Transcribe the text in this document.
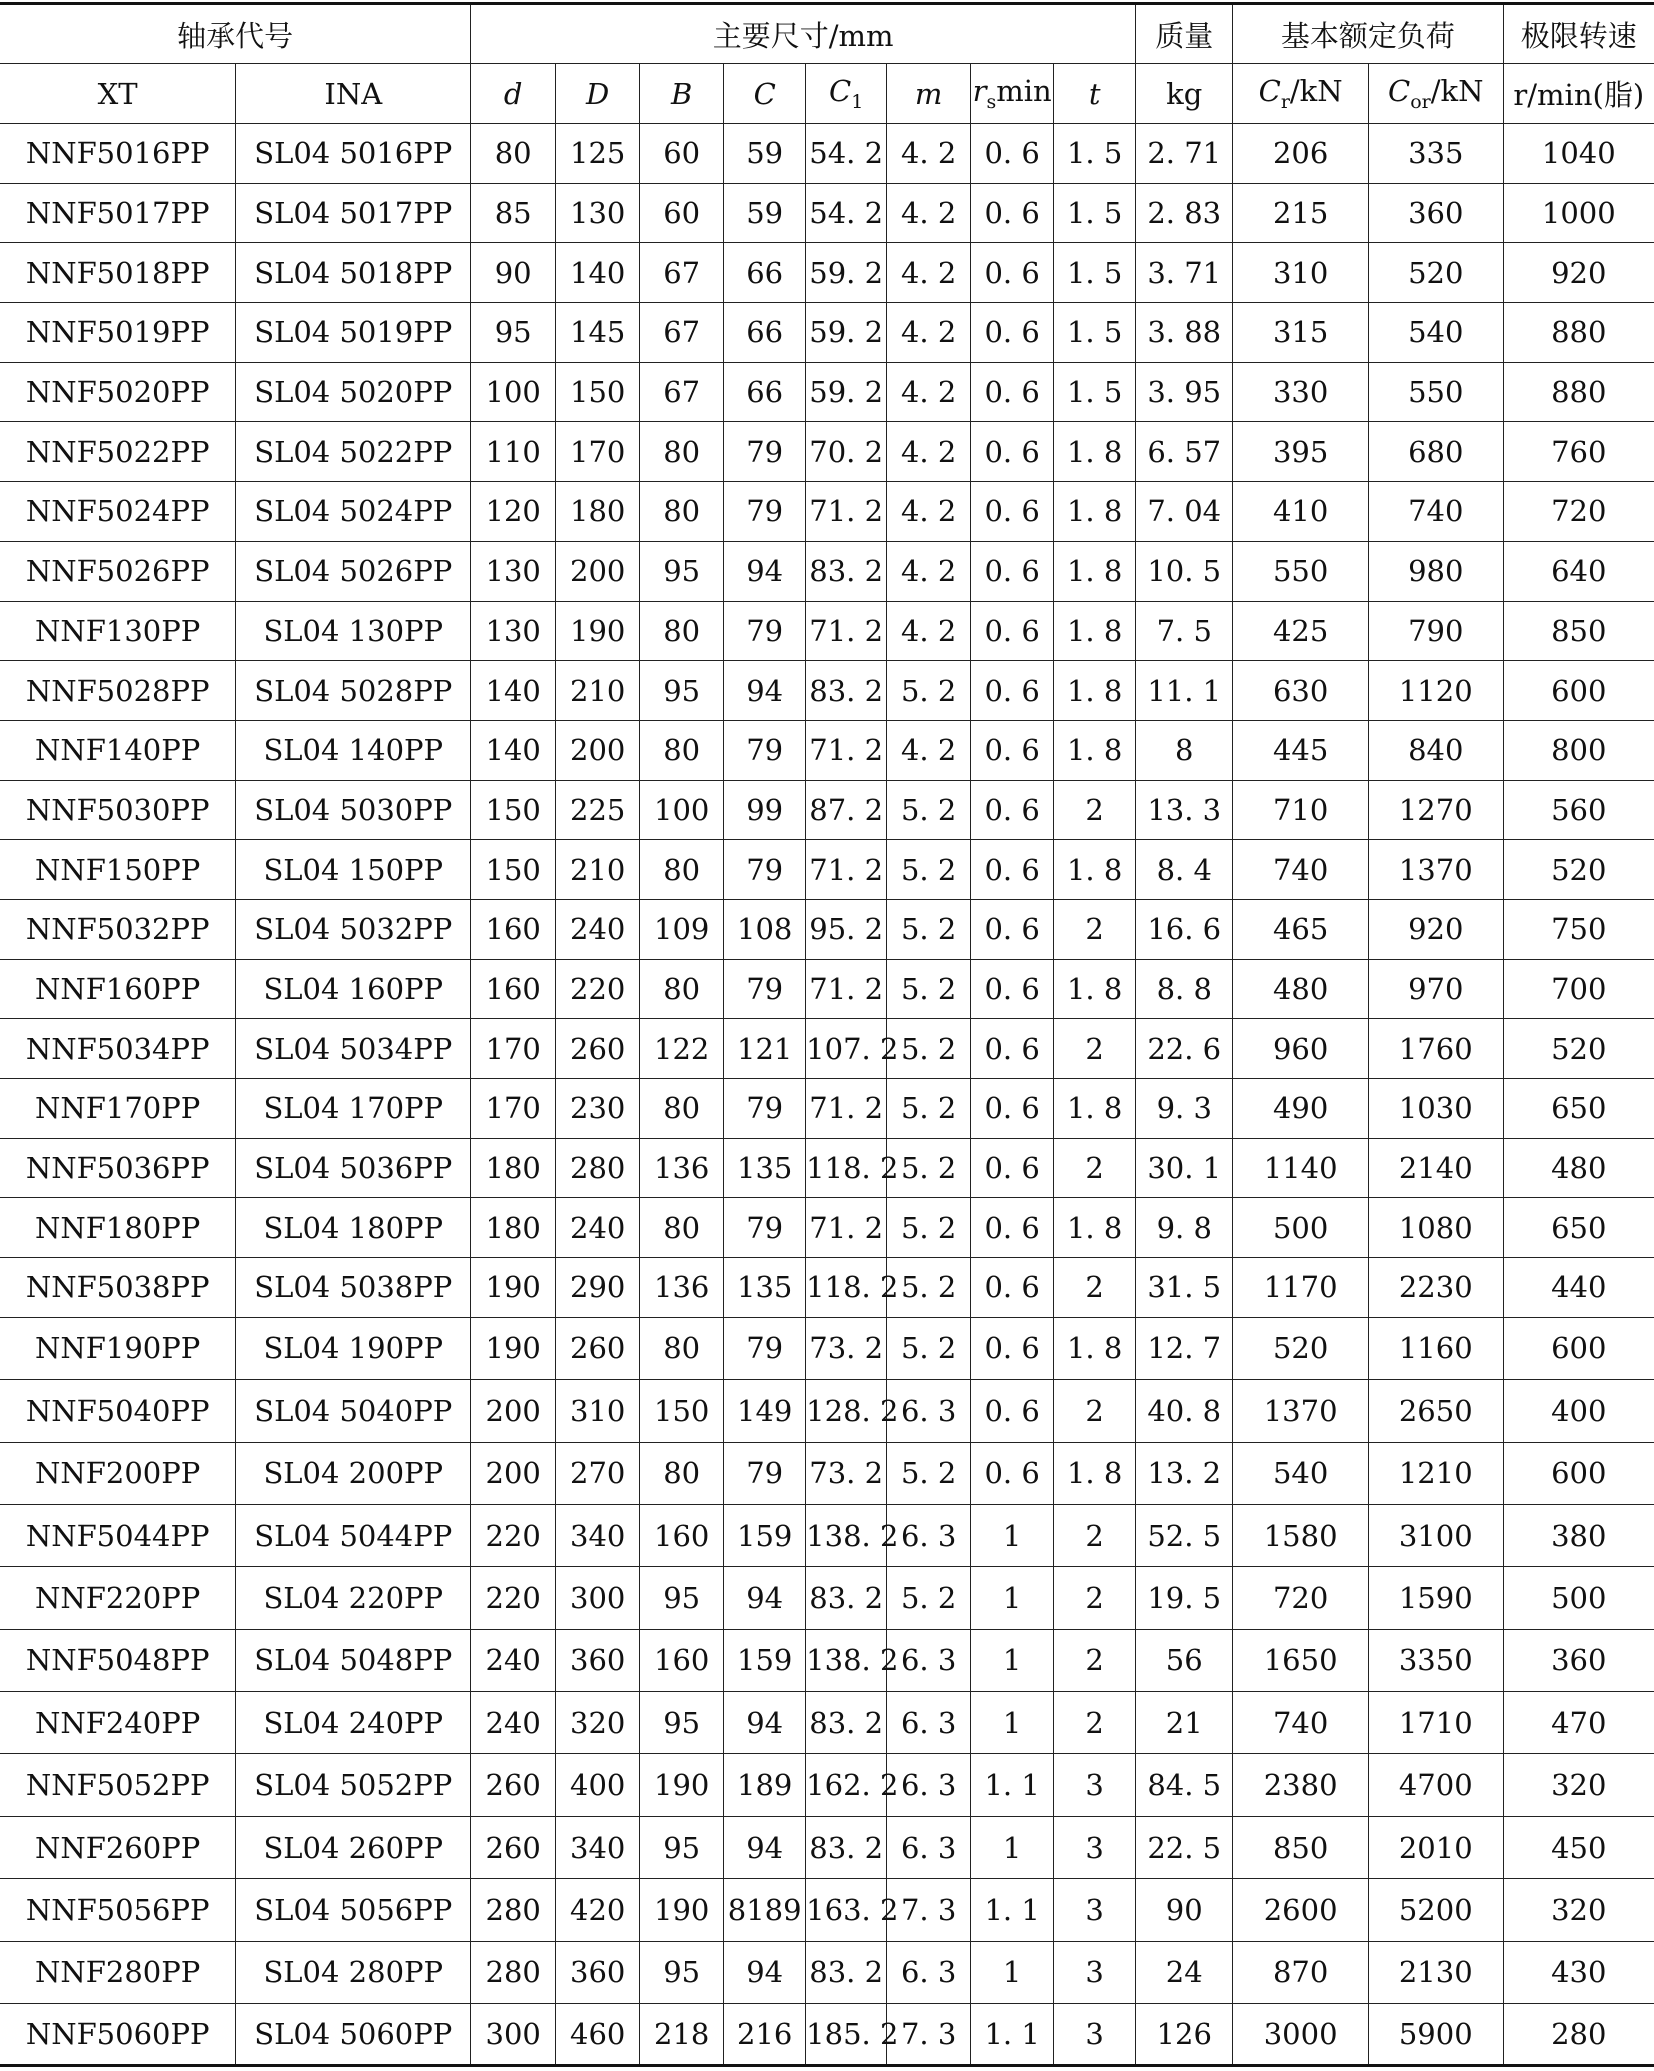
轴承代号		主要尺寸/mm								质量	基本额定负荷		极限转速
XT	INA	d	D	B	C	$C_1$	m	$r_s\min$	t	kg	$C_r/kN$	$C_{or}/kN$	r/min(脂)
NNF5016PP	SL04 5016PP	80	125	60	59	54. 2	4. 2	0. 6	1. 5	2. 71	206	335	1040
NNF5017PP	SL04 5017PP	85	130	60	59	54. 2	4. 2	0. 6	1. 5	2. 83	215	360	1000
NNF5018PP	SL04 5018PP	90	140	67	66	59. 2	4. 2	0. 6	1. 5	3. 71	310	520	920
NNF5019PP	SL04 5019PP	95	145	67	66	59. 2	4. 2	0. 6	1. 5	3. 88	315	540	880
NNF5020PP	SL04 5020PP	100	150	67	66	59. 2	4. 2	0. 6	1. 5	3. 95	330	550	880
NNF5022PP	SL04 5022PP	110	170	80	79	70. 2	4. 2	0. 6	1. 8	6. 57	395	680	760
NNF5024PP	SL04 5024PP	120	180	80	79	71. 2	4. 2	0. 6	1. 8	7. 04	410	740	720
NNF5026PP	SL04 5026PP	130	200	95	94	83. 2	4. 2	0. 6	1. 8	10. 5	550	980	640
NNF130PP	SL04 130PP	130	190	80	79	71. 2	4. 2	0. 6	1. 8	7. 5	425	790	850
NNF5028PP	SL04 5028PP	140	210	95	94	83. 2	5. 2	0. 6	1. 8	11. 1	630	1120	600
NNF140PP	SL04 140PP	140	200	80	79	71. 2	4. 2	0. 6	1. 8	8	445	840	800
NNF5030PP	SL04 5030PP	150	225	100	99	87. 2	5. 2	0. 6	2	13. 3	710	1270	560
NNF150PP	SL04 150PP	150	210	80	79	71. 2	5. 2	0. 6	1. 8	8. 4	740	1370	520
NNF5032PP	SL04 5032PP	160	240	109	108	95. 2	5. 2	0. 6	2	16. 6	465	920	750
NNF160PP	SL04 160PP	160	220	80	79	71. 2	5. 2	0. 6	1. 8	8. 8	480	970	700
NNF5034PP	SL04 5034PP	170	260	122	121	107. 2	5. 2	0. 6	2	22. 6	960	1760	520
NNF170PP	SL04 170PP	170	230	80	79	71. 2	5. 2	0. 6	1. 8	9. 3	490	1030	650
NNF5036PP	SL04 5036PP	180	280	136	135	118. 2	5. 2	0. 6	2	30. 1	1140	2140	480
NNF180PP	SL04 180PP	180	240	80	79	71. 2	5. 2	0. 6	1. 8	9. 8	500	1080	650
NNF5038PP	SL04 5038PP	190	290	136	135	118. 2	5. 2	0. 6	2	31. 5	1170	2230	440
NNF190PP	SL04 190PP	190	260	80	79	73. 2	5. 2	0. 6	1. 8	12. 7	520	1160	600
NNF5040PP	SL04 5040PP	200	310	150	149	128. 2	6. 3	0. 6	2	40. 8	1370	2650	400
NNF200PP	SL04 200PP	200	270	80	79	73. 2	5. 2	0. 6	1. 8	13. 2	540	1210	600
NNF5044PP	SL04 5044PP	220	340	160	159	138. 2	6. 3	1	2	52. 5	1580	3100	380
NNF220PP	SL04 220PP	220	300	95	94	83. 2	5. 2	1	2	19. 5	720	1590	500
NNF5048PP	SL04 5048PP	240	360	160	159	138. 2	6. 3	1	2	56	1650	3350	360
NNF240PP	SL04 240PP	240	320	95	94	83. 2	6. 3	1	2	21	740	1710	470
NNF5052PP	SL04 5052PP	260	400	190	189	162. 2	6. 3	1. 1	3	84. 5	2380	4700	320
NNF260PP	SL04 260PP	260	340	95	94	83. 2	6. 3	1	3	22. 5	850	2010	450
NNF5056PP	SL04 5056PP	280	420	190	8189	163. 2	7. 3	1. 1	3	90	2600	5200	320
NNF280PP	SL04 280PP	280	360	95	94	83. 2	6. 3	1	3	24	870	2130	430
NNF5060PP	SL04 5060PP	300	460	218	216	185. 2	7. 3	1. 1	3	126	3000	5900	280
